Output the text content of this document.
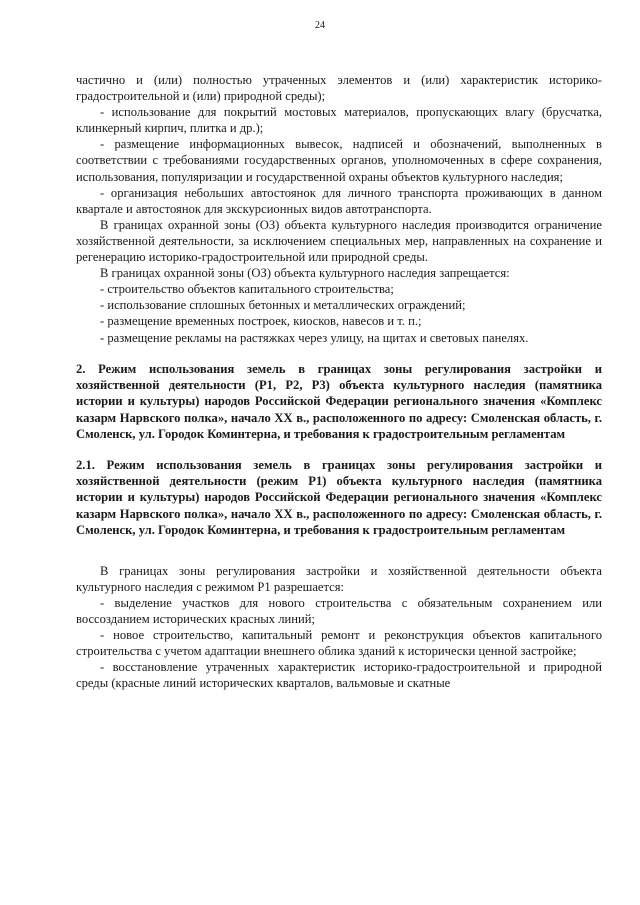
24

частично и (или) полностью утраченных элементов и (или) характеристик историко-градостроительной и (или) природной среды);

- использование для покрытий мостовых материалов, пропускающих влагу (брусчатка, клинкерный кирпич, плитка и др.);

- размещение информационных вывесок, надписей и обозначений, выполненных в соответствии с требованиями государственных органов, уполномоченных в сфере сохранения, использования, популяризации и государственной охраны объектов культурного наследия;

- организация небольших автостоянок для личного транспорта проживающих в данном квартале и автостоянок для экскурсионных видов автотранспорта.

В границах охранной зоны (ОЗ) объекта культурного наследия производится ограничение хозяйственной деятельности, за исключением специальных мер, направленных на сохранение и регенерацию историко-градостроительной или природной среды.

В границах охранной зоны (ОЗ) объекта культурного наследия запрещается:

- строительство объектов капитального строительства;

- использование сплошных бетонных и металлических ограждений;

- размещение временных построек, киосков, навесов и т. п.;

- размещение рекламы на растяжках через улицу, на щитах и световых панелях.

2. Режим использования земель в границах зоны регулирования застройки и хозяйственной деятельности (Р1, Р2, Р3) объекта культурного наследия (памятника истории и культуры) народов Российской Федерации регионального значения «Комплекс казарм Нарвского полка», начало XX в., расположенного по адресу: Смоленская область, г. Смоленск, ул. Городок Коминтерна, и требования к градостроительным регламентам

2.1. Режим использования земель в границах зоны регулирования застройки и хозяйственной деятельности (режим Р1) объекта культурного наследия (памятника истории и культуры) народов Российской Федерации регионального значения «Комплекс казарм Нарвского полка», начало XX в., расположенного по адресу: Смоленская область, г. Смоленск, ул. Городок Коминтерна, и требования к градостроительным регламентам

В границах зоны регулирования застройки и хозяйственной деятельности объекта культурного наследия с режимом Р1 разрешается:

- выделение участков для нового строительства с обязательным сохранением или воссозданием исторических красных линий;

- новое строительство, капитальный ремонт и реконструкция объектов капитального строительства с учетом адаптации внешнего облика зданий к исторически ценной застройке;

- восстановление утраченных характеристик историко-градостроительной и природной среды (красные линий исторических кварталов, вальмовые и скатные
